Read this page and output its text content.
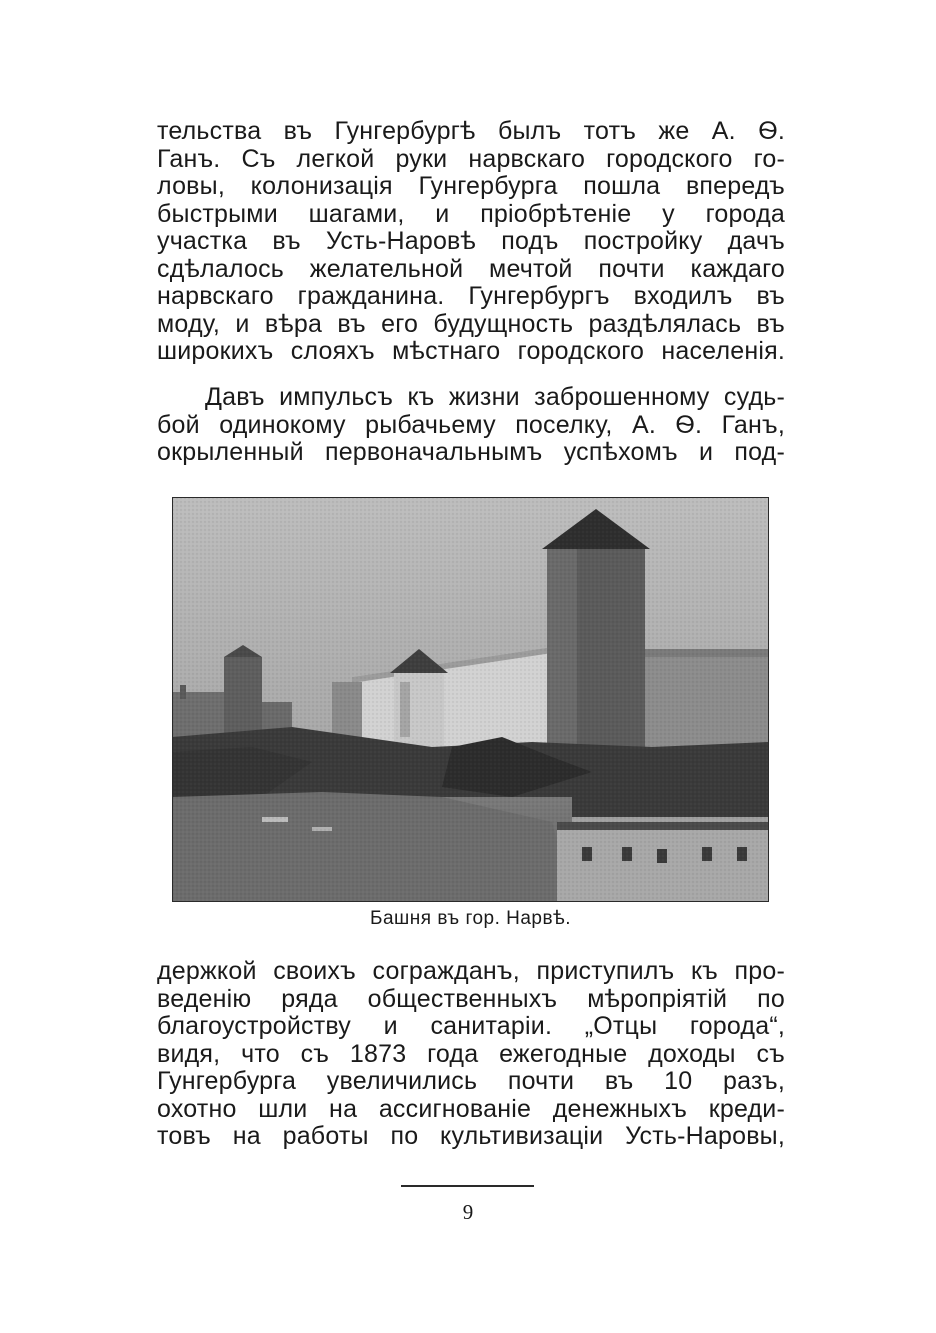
тельства въ Гунгербургѣ былъ тотъ же А. Ѳ.
Ганъ. Съ легкой руки нарвскаго городского го-
ловы, колонизація Гунгербурга пошла впередъ
быстрыми шагами, и пріобрѣтеніе у города
участка въ Усть-Наровѣ подъ постройку дачъ
сдѣлалось желательной мечтой почти каждаго
нарвскаго гражданина. Гунгербургъ входилъ въ
моду, и вѣра въ его будущность раздѣлялась въ
широкихъ слояхъ мѣстнаго городского населенія.
Давъ импульсъ къ жизни заброшенному судь-
бой одинокому рыбачьему поселку, А. Ѳ. Ганъ,
окрыленный первоначальнымъ успѣхомъ и под-
Башня въ гор. Нарвѣ.
держкой своихъ согражданъ, приступилъ къ про-
веденію ряда общественныхъ мѣропріятій по
благоустройству и санитаріи. „Отцы города“,
видя, что съ 1873 года ежегодные доходы съ
Гунгербурга увеличились почти въ 10 разъ,
охотно шли на ассигнованіе денежныхъ креди-
товъ на работы по культивизаціи Усть-Наровы,
9
